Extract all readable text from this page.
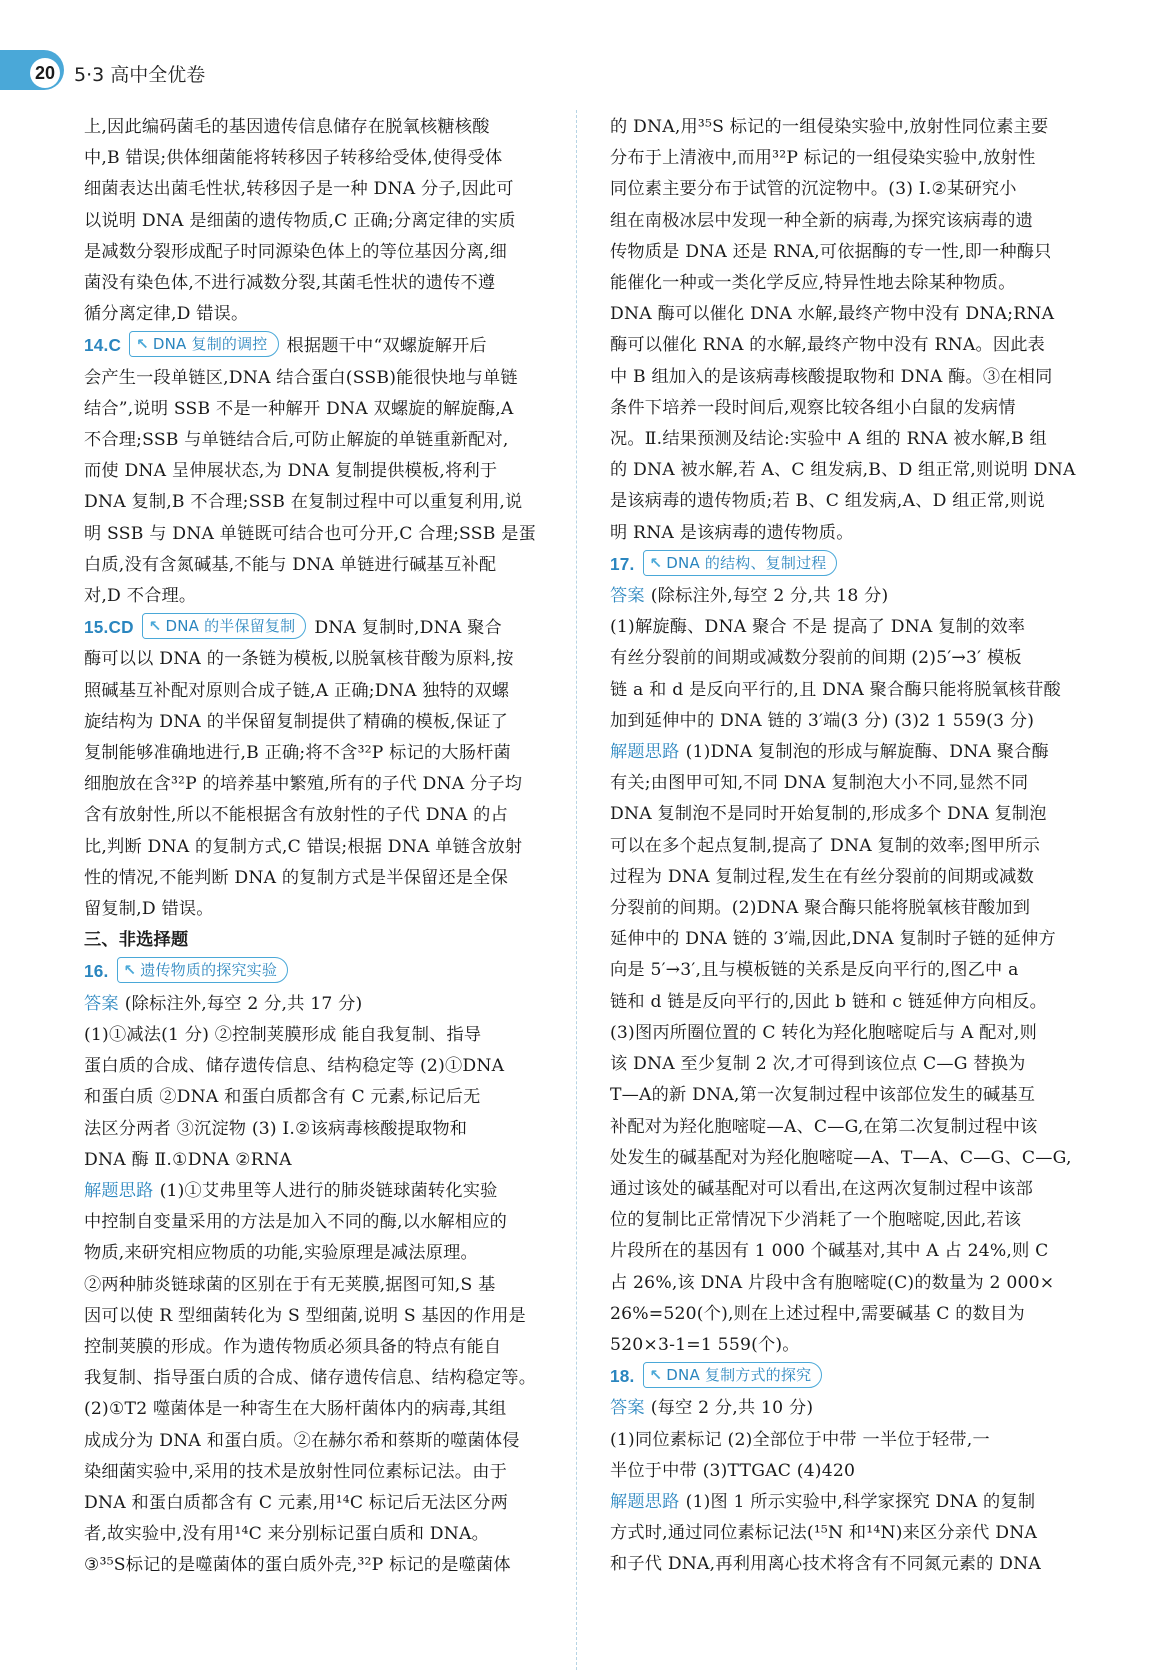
20 5·3 高中全优卷
上,因此编码菌毛的基因遗传信息储存在脱氧核糖核酸
中,B 错误;供体细菌能将转移因子转移给受体,使得受体
细菌表达出菌毛性状,转移因子是一种 DNA 分子,因此可
以说明 DNA 是细菌的遗传物质,C 正确;分离定律的实质
是减数分裂形成配子时同源染色体上的等位基因分离,细
菌没有染色体,不进行减数分裂,其菌毛性状的遗传不遵
循分离定律,D 错误。
14.C ↖ DNA 复制的调控 根据题干中“双螺旋解开后
会产生一段单链区,DNA 结合蛋白(SSB)能很快地与单链
结合”,说明 SSB 不是一种解开 DNA 双螺旋的解旋酶,A
不合理;SSB 与单链结合后,可防止解旋的单链重新配对,
而使 DNA 呈伸展状态,为 DNA 复制提供模板,将利于
DNA 复制,B 不合理;SSB 在复制过程中可以重复利用,说
明 SSB 与 DNA 单链既可结合也可分开,C 合理;SSB 是蛋
白质,没有含氮碱基,不能与 DNA 单链进行碱基互补配
对,D 不合理。
15.CD ↖ DNA 的半保留复制 DNA 复制时,DNA 聚合
酶可以以 DNA 的一条链为模板,以脱氧核苷酸为原料,按
照碱基互补配对原则合成子链,A 正确;DNA 独特的双螺
旋结构为 DNA 的半保留复制提供了精确的模板,保证了
复制能够准确地进行,B 正确;将不含³²P 标记的大肠杆菌
细胞放在含³²P 的培养基中繁殖,所有的子代 DNA 分子均
含有放射性,所以不能根据含有放射性的子代 DNA 的占
比,判断 DNA 的复制方式,C 错误;根据 DNA 单链含放射
性的情况,不能判断 DNA 的复制方式是半保留还是全保
留复制,D 错误。
三、非选择题
16. ↖ 遗传物质的探究实验
答案 (除标注外,每空 2 分,共 17 分)
(1)①减法(1 分) ②控制荚膜形成 能自我复制、指导
蛋白质的合成、储存遗传信息、结构稳定等 (2)①DNA
和蛋白质 ②DNA 和蛋白质都含有 C 元素,标记后无
法区分两者 ③沉淀物 (3) Ⅰ.②该病毒核酸提取物和
DNA 酶 Ⅱ.①DNA ②RNA
解题思路 (1)①艾弗里等人进行的肺炎链球菌转化实验
中控制自变量采用的方法是加入不同的酶,以水解相应的
物质,来研究相应物质的功能,实验原理是减法原理。
②两种肺炎链球菌的区别在于有无荚膜,据图可知,S 基
因可以使 R 型细菌转化为 S 型细菌,说明 S 基因的作用是
控制荚膜的形成。作为遗传物质必须具备的特点有能自
我复制、指导蛋白质的合成、储存遗传信息、结构稳定等。
(2)①T2 噬菌体是一种寄生在大肠杆菌体内的病毒,其组
成成分为 DNA 和蛋白质。②在赫尔希和蔡斯的噬菌体侵
染细菌实验中,采用的技术是放射性同位素标记法。由于
DNA 和蛋白质都含有 C 元素,用¹⁴C 标记后无法区分两
者,故实验中,没有用¹⁴C 来分别标记蛋白质和 DNA。
③³⁵S标记的是噬菌体的蛋白质外壳,³²P 标记的是噬菌体
的 DNA,用³⁵S 标记的一组侵染实验中,放射性同位素主要
分布于上清液中,而用³²P 标记的一组侵染实验中,放射性
同位素主要分布于试管的沉淀物中。(3) Ⅰ.②某研究小
组在南极冰层中发现一种全新的病毒,为探究该病毒的遗
传物质是 DNA 还是 RNA,可依据酶的专一性,即一种酶只
能催化一种或一类化学反应,特异性地去除某种物质。
DNA 酶可以催化 DNA 水解,最终产物中没有 DNA;RNA
酶可以催化 RNA 的水解,最终产物中没有 RNA。因此表
中 B 组加入的是该病毒核酸提取物和 DNA 酶。③在相同
条件下培养一段时间后,观察比较各组小白鼠的发病情
况。Ⅱ.结果预测及结论:实验中 A 组的 RNA 被水解,B 组
的 DNA 被水解,若 A、C 组发病,B、D 组正常,则说明 DNA
是该病毒的遗传物质;若 B、C 组发病,A、D 组正常,则说
明 RNA 是该病毒的遗传物质。
17. ↖ DNA 的结构、复制过程
答案 (除标注外,每空 2 分,共 18 分)
(1)解旋酶、DNA 聚合 不是 提高了 DNA 复制的效率
有丝分裂前的间期或减数分裂前的间期 (2)5′→3′ 模板
链 a 和 d 是反向平行的,且 DNA 聚合酶只能将脱氧核苷酸
加到延伸中的 DNA 链的 3′端(3 分) (3)2 1 559(3 分)
解题思路 (1)DNA 复制泡的形成与解旋酶、DNA 聚合酶
有关;由图甲可知,不同 DNA 复制泡大小不同,显然不同
DNA 复制泡不是同时开始复制的,形成多个 DNA 复制泡
可以在多个起点复制,提高了 DNA 复制的效率;图甲所示
过程为 DNA 复制过程,发生在有丝分裂前的间期或减数
分裂前的间期。(2)DNA 聚合酶只能将脱氧核苷酸加到
延伸中的 DNA 链的 3′端,因此,DNA 复制时子链的延伸方
向是 5′→3′,且与模板链的关系是反向平行的,图乙中 a
链和 d 链是反向平行的,因此 b 链和 c 链延伸方向相反。
(3)图丙所圈位置的 C 转化为羟化胞嘧啶后与 A 配对,则
该 DNA 至少复制 2 次,才可得到该位点 C—G 替换为
T—A的新 DNA,第一次复制过程中该部位发生的碱基互
补配对为羟化胞嘧啶—A、C—G,在第二次复制过程中该
处发生的碱基配对为羟化胞嘧啶—A、T—A、C—G、C—G,
通过该处的碱基配对可以看出,在这两次复制过程中该部
位的复制比正常情况下少消耗了一个胞嘧啶,因此,若该
片段所在的基因有 1 000 个碱基对,其中 A 占 24%,则 C
占 26%,该 DNA 片段中含有胞嘧啶(C)的数量为 2 000×
26%=520(个),则在上述过程中,需要碱基 C 的数目为
520×3-1=1 559(个)。
18. ↖ DNA 复制方式的探究
答案 (每空 2 分,共 10 分)
(1)同位素标记 (2)全部位于中带 一半位于轻带,一
半位于中带 (3)TTGAC (4)420
解题思路 (1)图 1 所示实验中,科学家探究 DNA 的复制
方式时,通过同位素标记法(¹⁵N 和¹⁴N)来区分亲代 DNA
和子代 DNA,再利用离心技术将含有不同氮元素的 DNA
